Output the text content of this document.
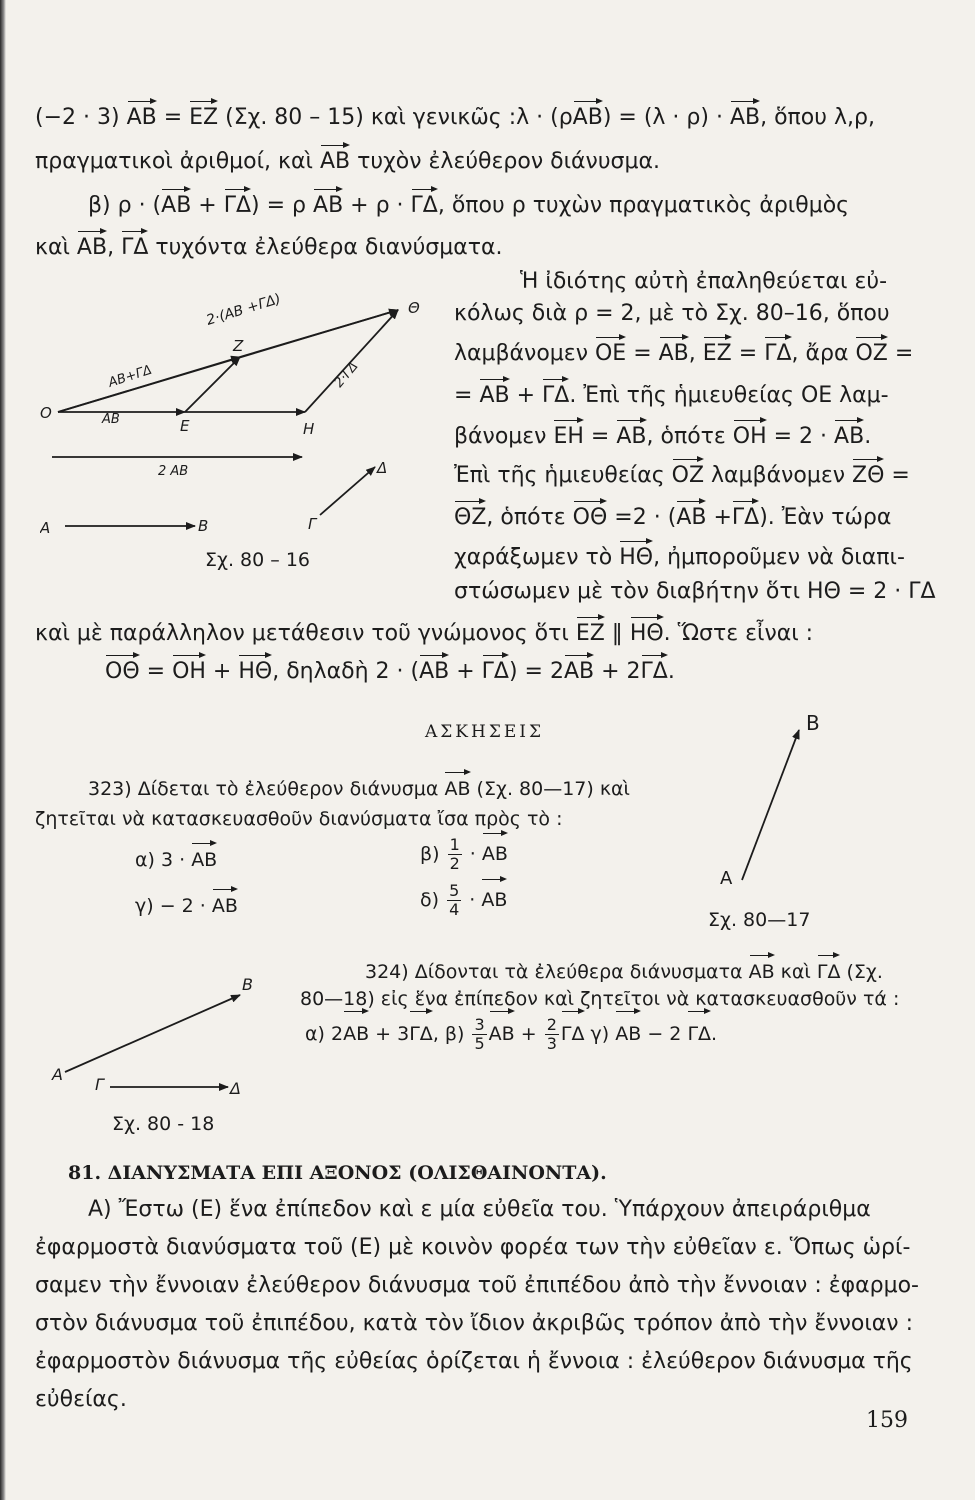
(−2 · 3) AB = EZ (Σχ. 80 – 15) καὶ γενικῶς :λ · (ρAB) = (λ · ρ) · AB, ὅπου λ,ρ,
πραγματικοὶ ἀριθμοί, καὶ AB τυχὸν ἐλεύθερον διάνυσμα.
β) ρ · (AB + ΓΔ) = ρ AB + ρ · ΓΔ, ὅπου ρ τυχὼν πραγματικὸς ἀριθμὸς
καὶ AB, ΓΔ τυχόντα ἐλεύθερα διανύσματα.
O
E	H
Z
Θ
A	B	Γ
Δ
AB
AB+ΓΔ
2 AB
2·ΓΔ
2·(AB +ΓΔ)
Σχ. 80 – 16
Ἡ ἰδιότης αὐτὴ ἐπαληθεύεται εὐ-
κόλως διὰ ρ = 2, μὲ τὸ Σχ. 80–16, ὅπου
λαμβάνομεν OE = AB, EZ = ΓΔ, ἄρα OZ =
= AB + ΓΔ. Ἐπὶ τῆς ἡμιευθείας OE λαμ-
βάνομεν EH = AB, ὁπότε OH = 2 · AB.
Ἐπὶ τῆς ἡμιευθείας OZ λαμβάνομεν ZΘ =
ΘZ, ὁπότε OΘ =2 · (AB +ΓΔ). Ἐὰν τώρα
χαράξωμεν τὸ HΘ, ἠμποροῦμεν νὰ διαπι-
στώσωμεν μὲ τὸν διαβήτην ὅτι HΘ = 2 · ΓΔ
καὶ μὲ παράλληλον μετάθεσιν τοῦ γνώμονος ὅτι EZ ‖ HΘ. Ὥστε εἶναι :
OΘ = OH + HΘ, δηλαδὴ 2 · (AB + ΓΔ) = 2AB + 2ΓΔ.
ΑΣΚΗΣΕΙΣ
323) Δίδεται τὸ ἐλεύθερον διάνυσμα AB (Σχ. 80—17) καὶ
ζητεῖται νὰ κατασκευασθοῦν διανύσματα ἴσα πρὸς τὸ :
α) 3 · AB	$\beta) \frac{1}{2}$ · AB
γ) − 2 · AB	$\delta) \frac{5}{4}$ · AB
A
B
Σχ. 80—17
324) Δίδονται τὰ ἐλεύθερα διάνυσματα AB καὶ ΓΔ (Σχ.
80—18) εἰς ἕνα ἐπίπεδον καὶ ζητεῖτοι νὰ κατασκευασθοῦν τά :
α) 2AB + 3ΓΔ, $\beta) \frac{3}{5}$ AB + $\frac{2}{3}$ ΓΔ γ) AB − 2 ΓΔ.
A
B
Γ	Δ
Σχ. 80 - 18
81. ΔΙΑΝΥΣΜΑΤΑ ΕΠΙ ΑΞΟΝΟΣ (ΟΛΙΣΘΑΙΝΟΝΤΑ).
Α) Ἔστω (Ε) ἕνα ἐπίπεδον καὶ ε μία εὐθεῖα του. Ὑπάρχουν ἀπειράριθμα
ἐφαρμοστὰ διανύσματα τοῦ (Ε) μὲ κοινὸν φορέα των τὴν εὐθεῖαν ε. Ὅπως ὡρί-
σαμεν τὴν ἔννοιαν ἐλεύθερον διάνυσμα τοῦ ἐπιπέδου ἀπὸ τὴν ἔννοιαν : ἐφαρμο-
στὸν διάνυσμα τοῦ ἐπιπέδου, κατὰ τὸν ἴδιον ἀκριβῶς τρόπον ἀπὸ τὴν ἔννοιαν :
ἐφαρμοστὸν διάνυσμα τῆς εὐθείας ὁρίζεται ἡ ἔννοια : ἐλεύθερον διάνυσμα τῆς
εὐθείας.
159
